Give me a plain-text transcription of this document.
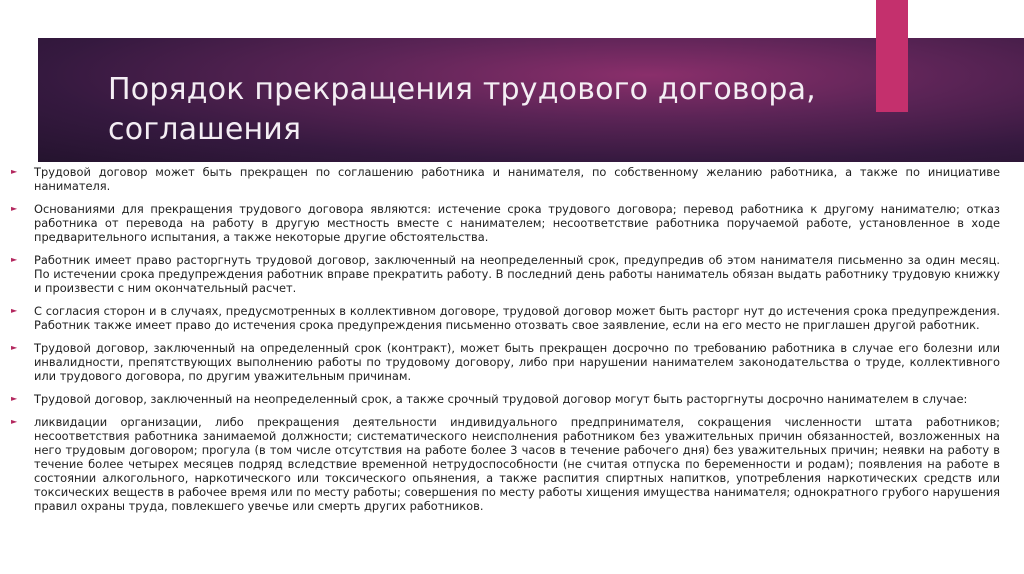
Порядок прекращения трудового договора, соглашения
► Трудовой договор может быть прекращен по соглашению работника и нанимателя, по собственному желанию работника, а также по инициативе нанимателя.
► Основаниями для прекращения трудового договора являются: истечение срока трудового договора; перевод работника к другому нанимателю; отказ работника от перевода на работу в другую местность вместе с нанимателем; несоответствие работника поручаемой работе, установленное в ходе предварительного испытания, а также некоторые другие обстоятельства.
► Работник имеет право расторгнуть трудовой договор, заключенный на неопределенный срок, предупредив об этом нанимателя письменно за один месяц. По истечении срока предупреждения работник вправе прекратить работу. В последний день работы наниматель обязан выдать работнику трудовую книжку и произвести с ним окончательный расчет.
► С согласия сторон и в случаях, предусмотренных в коллективном договоре, трудовой договор может быть расторг нут до истечения срока предупреждения. Работник также имеет право до истечения срока предупреждения письменно отозвать свое заявление, если на его место не приглашен другой работник.
► Трудовой договор, заключенный на определенный срок (контракт), может быть прекращен досрочно по требованию работника в случае его болезни или инвалидности, препятствующих выполнению работы по трудовому договору, либо при нарушении нанимателем законодательства о труде, коллективного или трудового договора, по другим уважительным причинам.
► Трудовой договор, заключенный на неопределенный срок, а также срочный трудовой договор могут быть расторгнуты досрочно нанимателем в случае:
► ликвидации организации, либо прекращения деятельности индивидуального предпринимателя, сокращения численности штата работников; несоответствия работника занимаемой должности; систематического неисполнения работником без уважительных причин обязанностей, возложенных на него трудовым договором; прогула (в том числе отсутствия на работе более 3 часов в течение рабочего дня) без уважительных причин; неявки на работу в течение более четырех месяцев подряд вследствие временной нетрудоспособности (не считая отпуска по беременности и родам); появления на работе в состоянии алкогольного, наркотического или токсического опьянения, а также распития спиртных напитков, употребления наркотических средств или токсических веществ в рабочее время или по месту работы; совершения по месту работы хищения имущества нанимателя; однократного грубого нарушения правил охраны труда, повлекшего увечье или смерть других работников.
